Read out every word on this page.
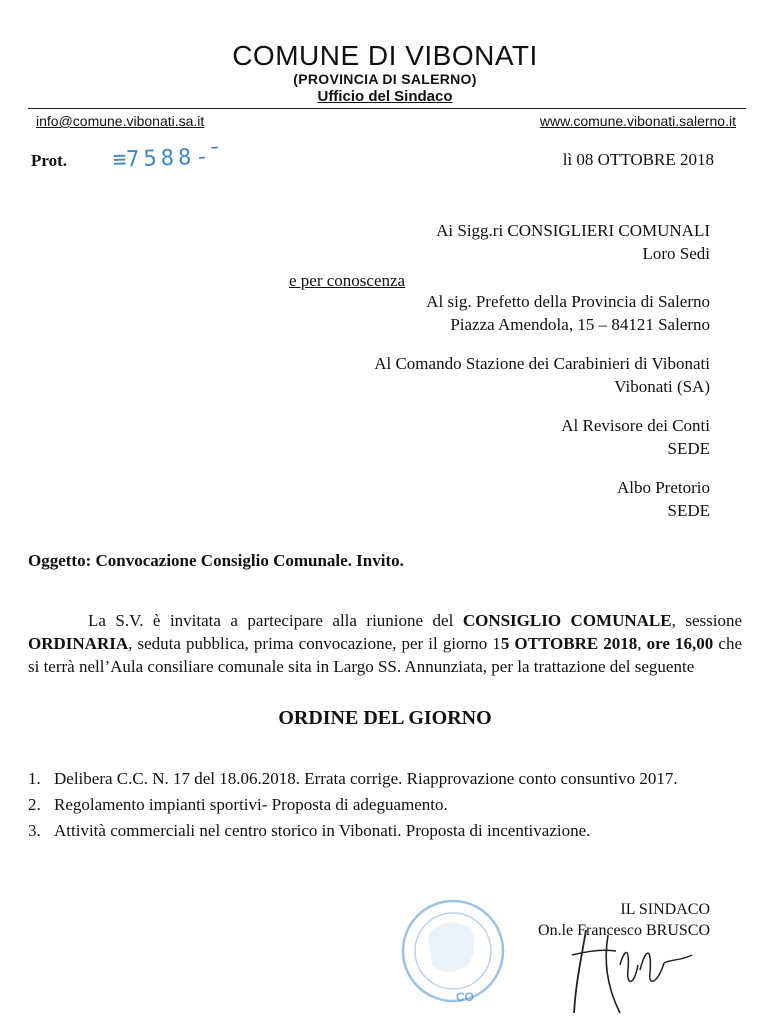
COMUNE DI VIBONATI
(PROVINCIA DI SALERNO)
Ufficio del Sindaco
info@comune.vibonati.sa.it	www.comune.vibonati.salerno.it
Prot. ≡7588-ˉ	lì 08 OTTOBRE 2018
Ai Sigg.ri CONSIGLIERI COMUNALI
Loro Sedi
e per conoscenza
Al sig. Prefetto della Provincia di Salerno
Piazza Amendola, 15 – 84121 Salerno
Al Comando Stazione dei Carabinieri di Vibonati
Vibonati (SA)
Al Revisore dei Conti
SEDE
Albo Pretorio
SEDE
Oggetto: Convocazione Consiglio Comunale. Invito.
La S.V. è invitata a partecipare alla riunione del CONSIGLIO COMUNALE, sessione ORDINARIA, seduta pubblica, prima convocazione, per il giorno 15 OTTOBRE 2018, ore 16,00 che si terrà nell’Aula consiliare comunale sita in Largo SS. Annunziata, per la trattazione del seguente
ORDINE DEL GIORNO
1. Delibera C.C. N. 17 del 18.06.2018. Errata corrige. Riapprovazione conto consuntivo 2017.
2. Regolamento impianti sportivi- Proposta di adeguamento.
3. Attività commerciali nel centro storico in Vibonati. Proposta di incentivazione.
CO
IL SINDACO
On.le Francesco BRUSCO
